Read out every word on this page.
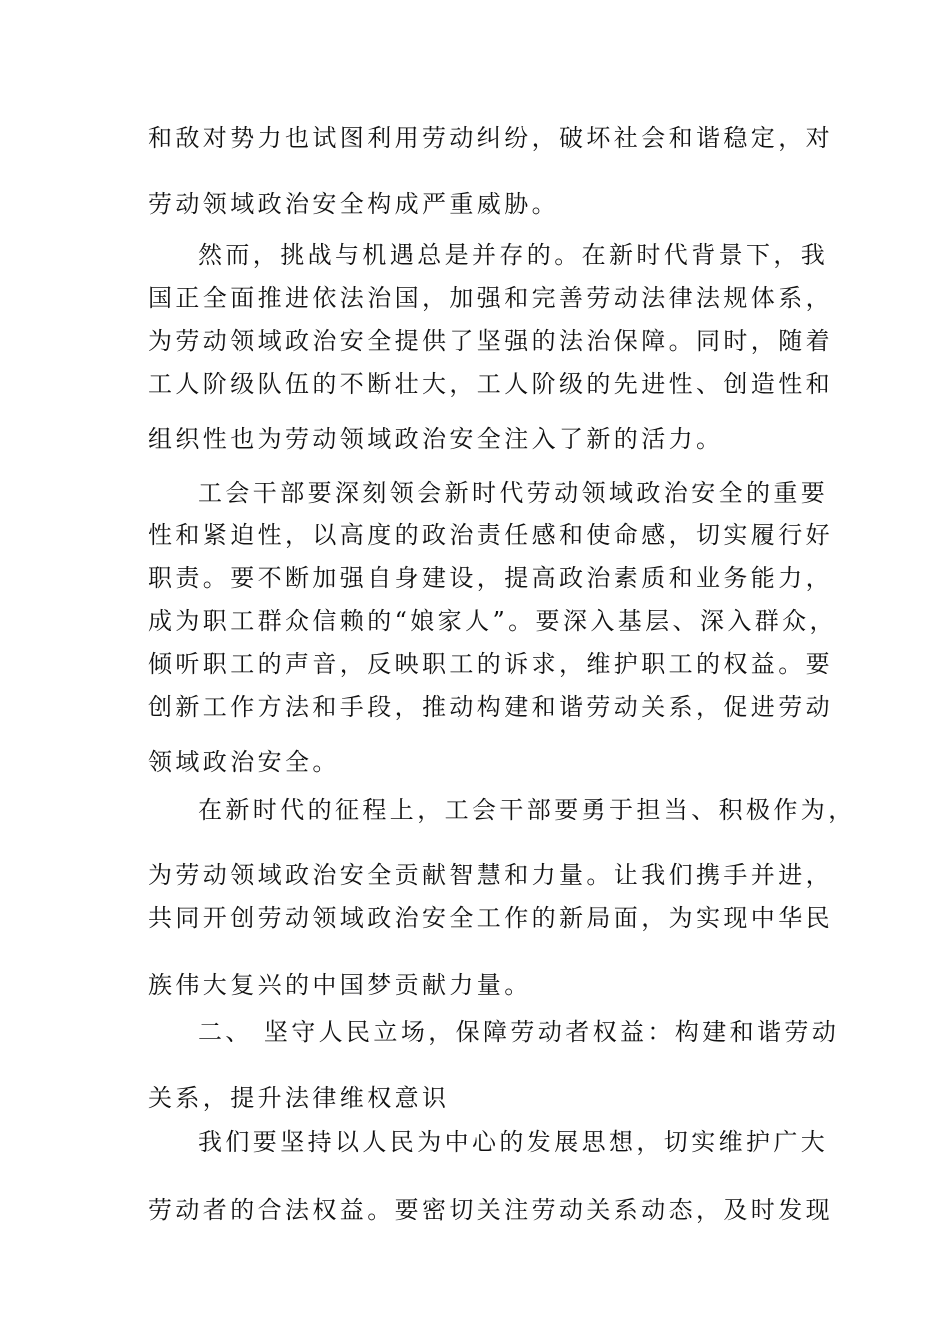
和敌对势力也试图利用劳动纠纷，破坏社会和谐稳定，对
劳动领域政治安全构成严重威胁。
然而，挑战与机遇总是并存的。在新时代背景下，我
国正全面推进依法治国，加强和完善劳动法律法规体系，
为劳动领域政治安全提供了坚强的法治保障。同时，随着
工人阶级队伍的不断壮大，工人阶级的先进性、创造性和
组织性也为劳动领域政治安全注入了新的活力。
工会干部要深刻领会新时代劳动领域政治安全的重要
性和紧迫性，以高度的政治责任感和使命感，切实履行好
职责。要不断加强自身建设，提高政治素质和业务能力，
成为职工群众信赖的“娘家人”。要深入基层、深入群众，
倾听职工的声音，反映职工的诉求，维护职工的权益。要
创新工作方法和手段，推动构建和谐劳动关系，促进劳动
领域政治安全。
在新时代的征程上，工会干部要勇于担当、积极作为，
为劳动领域政治安全贡献智慧和力量。让我们携手并进，
共同开创劳动领域政治安全工作的新局面，为实现中华民
族伟大复兴的中国梦贡献力量。
二、 坚守人民立场，保障劳动者权益：构建和谐劳动
关系，提升法律维权意识
我们要坚持以人民为中心的发展思想，切实维护广大
劳动者的合法权益。要密切关注劳动关系动态，及时发现
